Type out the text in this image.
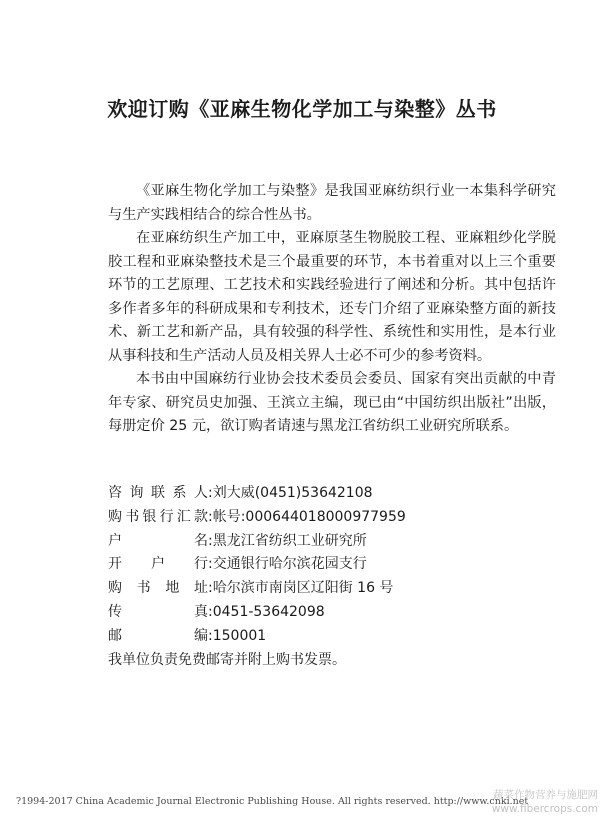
欢迎订购《亚麻生物化学加工与染整》丛书

《亚麻生物化学加工与染整》是我国亚麻纺织行业一本集科学研究与生产实践相结合的综合性丛书。

在亚麻纺织生产加工中，亚麻原茎生物脱胶工程、亚麻粗纱化学脱胶工程和亚麻染整技术是三个最重要的环节，本书着重对以上三个重要环节的工艺原理、工艺技术和实践经验进行了阐述和分析。其中包括许多作者多年的科研成果和专利技术，还专门介绍了亚麻染整方面的新技术、新工艺和新产品，具有较强的科学性、系统性和实用性，是本行业从事科技和生产活动人员及相关界人士必不可少的参考资料。

本书由中国麻纺行业协会技术委员会委员、国家有突出贡献的中青年专家、研究员史加强、王滨立主编，现已由“中国纺织出版社”出版，每册定价 25 元，欲订购者请速与黑龙江省纺织工业研究所联系。

咨 询 联 系 人 : 刘大威(0451)53642108
购 书 银 行 汇 款 : 帐号:000644018000977959
户	名 : 黑龙江省纺织工业研究所
开 户 行 : 交通银行哈尔滨花园支行
购 书 地 址 : 哈尔滨市南岗区辽阳街 16 号
传	真 : 0451-53642098
邮	编 : 150001
我单位负责免费邮寄并附上购书发票。
?1994-2017 China Academic Journal Electronic Publishing House. All rights reserved. http://www.cnki.net
蔬菜作物营养与施肥网
www.fibercrops.com
